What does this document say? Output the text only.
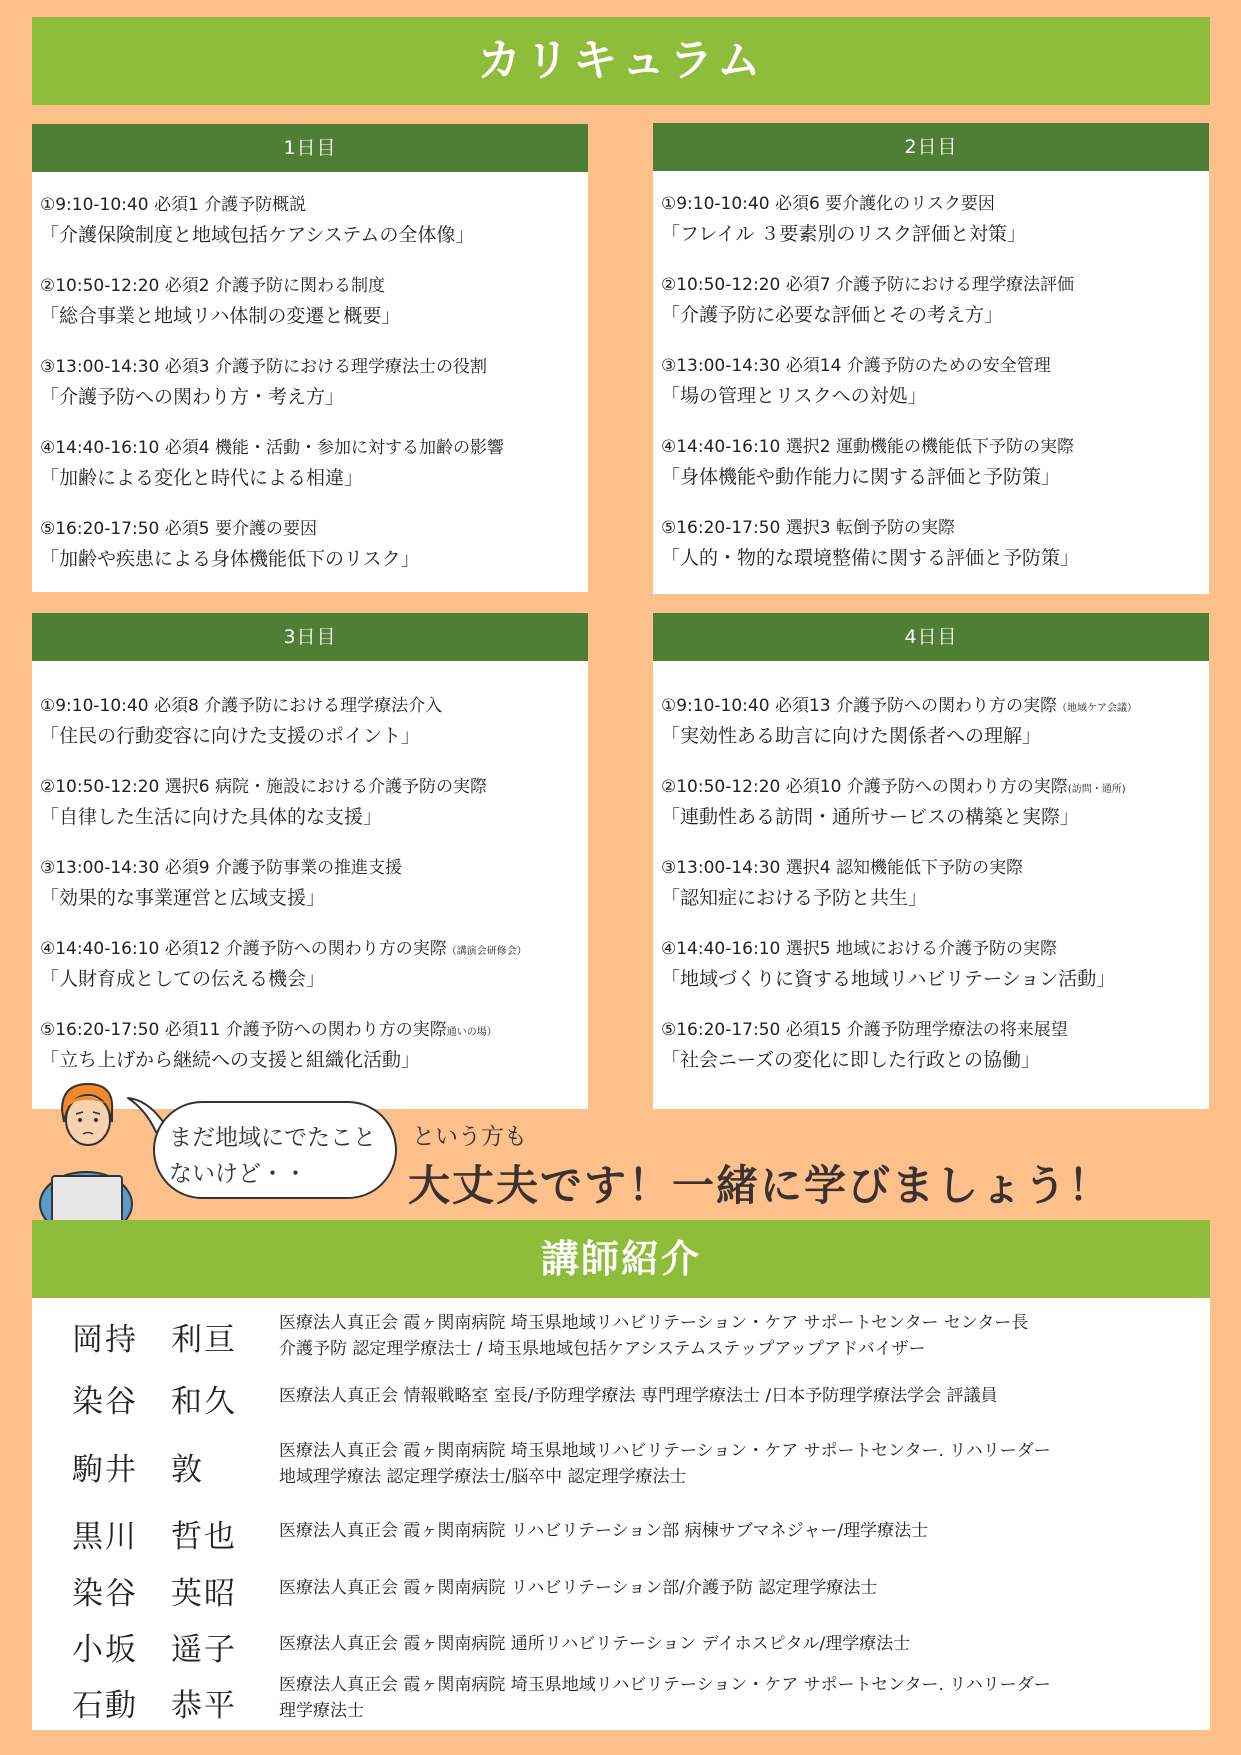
カリキュラム
1日目
①9:10-10:40 必須1 介護予防概説
「介護保険制度と地域包括ケアシステムの全体像」
②10:50-12:20 必須2 介護予防に関わる制度
「総合事業と地域リハ体制の変遷と概要」
③13:00-14:30 必須3 介護予防における理学療法士の役割
「介護予防への関わり方・考え方」
④14:40-16:10 必須4 機能・活動・参加に対する加齢の影響
「加齢による変化と時代による相違」
⑤16:20-17:50 必須5 要介護の要因
「加齢や疾患による身体機能低下のリスク」
2日目
①9:10-10:40 必須6 要介護化のリスク要因
「フレイル ３要素別のリスク評価と対策」
②10:50-12:20 必須7 介護予防における理学療法評価
「介護予防に必要な評価とその考え方」
③13:00-14:30 必須14 介護予防のための安全管理
「場の管理とリスクへの対処」
④14:40-16:10 選択2 運動機能の機能低下予防の実際
「身体機能や動作能力に関する評価と予防策」
⑤16:20-17:50 選択3 転倒予防の実際
「人的・物的な環境整備に関する評価と予防策」
3日目
①9:10-10:40 必須8 介護予防における理学療法介入
「住民の行動変容に向けた支援のポイント」
②10:50-12:20 選択6 病院・施設における介護予防の実際
「自律した生活に向けた具体的な支援」
③13:00-14:30 必須9 介護予防事業の推進支援
「効果的な事業運営と広域支援」
④14:40-16:10 必須12 介護予防への関わり方の実際（講演会研修会）
「人財育成としての伝える機会」
⑤16:20-17:50 必須11 介護予防への関わり方の実際通いの場）
「立ち上げから継続への支援と組織化活動」
4日目
①9:10-10:40 必須13 介護予防への関わり方の実際（地域ケア会議）
「実効性ある助言に向けた関係者への理解」
②10:50-12:20 必須10 介護予防への関わり方の実際(訪問・通所)
「連動性ある訪問・通所サービスの構築と実際」
③13:00-14:30 選択4 認知機能低下予防の実際
「認知症における予防と共生」
④14:40-16:10 選択5 地域における介護予防の実際
「地域づくりに資する地域リハビリテーション活動」
⑤16:20-17:50 必須15 介護予防理学療法の将来展望
「社会ニーズの変化に即した行政との協働」
まだ地域にでたこと
ないけど・・
という方も
大丈夫です！一緒に学びましょう！
講師紹介
岡持　利亘 医療法人真正会 霞ヶ関南病院 埼玉県地域リハビリテーション・ケア サポートセンター センター長
介護予防 認定理学療法士 / 埼玉県地域包括ケアシステムステップアップアドバイザー
染谷　和久 医療法人真正会 情報戦略室 室長/予防理学療法 専門理学療法士 /日本予防理学療法学会 評議員
駒井　敦
医療法人真正会 霞ヶ関南病院 埼玉県地域リハビリテーション・ケア サポートセンター. リハリーダー
地域理学療法 認定理学療法士/脳卒中 認定理学療法士
黒川　哲也 医療法人真正会 霞ヶ関南病院 リハビリテーション部 病棟サブマネジャー/理学療法士
染谷　英昭 医療法人真正会 霞ヶ関南病院 リハビリテーション部/介護予防 認定理学療法士
小坂　遥子 医療法人真正会 霞ヶ関南病院 通所リハビリテーション デイホスピタル/理学療法士
石動　恭平
医療法人真正会 霞ヶ関南病院 埼玉県地域リハビリテーション・ケア サポートセンター. リハリーダー
理学療法士
